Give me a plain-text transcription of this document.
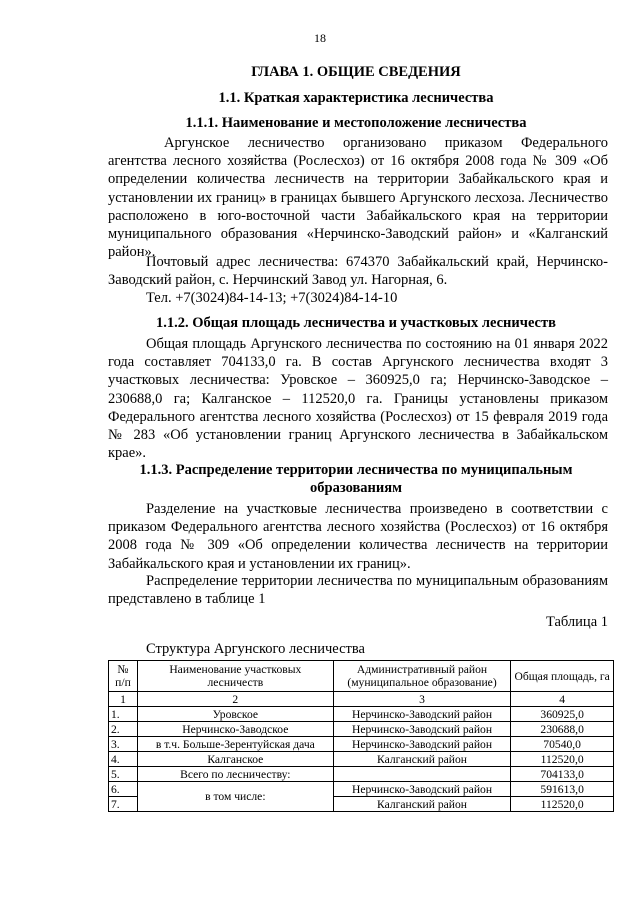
18
ГЛАВА 1. ОБЩИЕ СВЕДЕНИЯ
1.1. Краткая характеристика лесничества
1.1.1. Наименование и местоположение лесничества
Аргунское лесничество организовано приказом Федерального агентства лесного хозяйства (Рослесхоз) от 16 октября 2008 года № 309 «Об определении количества лесничеств на территории Забайкальского края и установлении их границ» в границах бывшего Аргунского лесхоза. Лесничество расположено в юго-восточной части Забайкальского края на территории муниципального образования «Нерчинско-Заводский район» и «Калганский район».
Почтовый адрес лесничества: 674370 Забайкальский край, Нерчинско-Заводский район, с. Нерчинский Завод ул. Нагорная, 6.
Тел. +7(3024)84-14-13; +7(3024)84-14-10
1.1.2. Общая площадь лесничества и участковых лесничеств
Общая площадь Аргунского лесничества по состоянию на 01 января 2022 года составляет 704133,0 га. В состав Аргунского лесничества входят 3 участковых лесничества: Уровское – 360925,0 га; Нерчинско-Заводское – 230688,0 га; Калганское – 112520,0 га. Границы установлены приказом Федерального агентства лесного хозяйства (Рослесхоз) от 15 февраля 2019 года № 283 «Об установлении границ Аргунского лесничества в Забайкальском крае».
1.1.3. Распределение территории лесничества по муниципальным образованиям
Разделение на участковые лесничества произведено в соответствии с приказом Федерального агентства лесного хозяйства (Рослесхоз) от 16 октября 2008 года № 309 «Об определении количества лесничеств на территории Забайкальского края и установлении их границ».
Распределение территории лесничества по муниципальным образованиям представлено в таблице 1
Таблица 1
Структура Аргунского лесничества
№ п/п	Наименование участковых лесничеств	Административный район (муниципальное образование)	Общая площадь, га
1	2	3	4
1.	Уровское	Нерчинско-Заводский район	360925,0
2.	Нерчинско-Заводское	Нерчинско-Заводский район	230688,0
3.	в т.ч. Больше-Зерентуйская дача	Нерчинско-Заводский район	70540,0
4.	Калганское	Калганский район	112520,0
5.	Всего по лесничеству:		704133,0
6.	в том числе:	Нерчинско-Заводский район	591613,0
7.		Калганский район	112520,0
